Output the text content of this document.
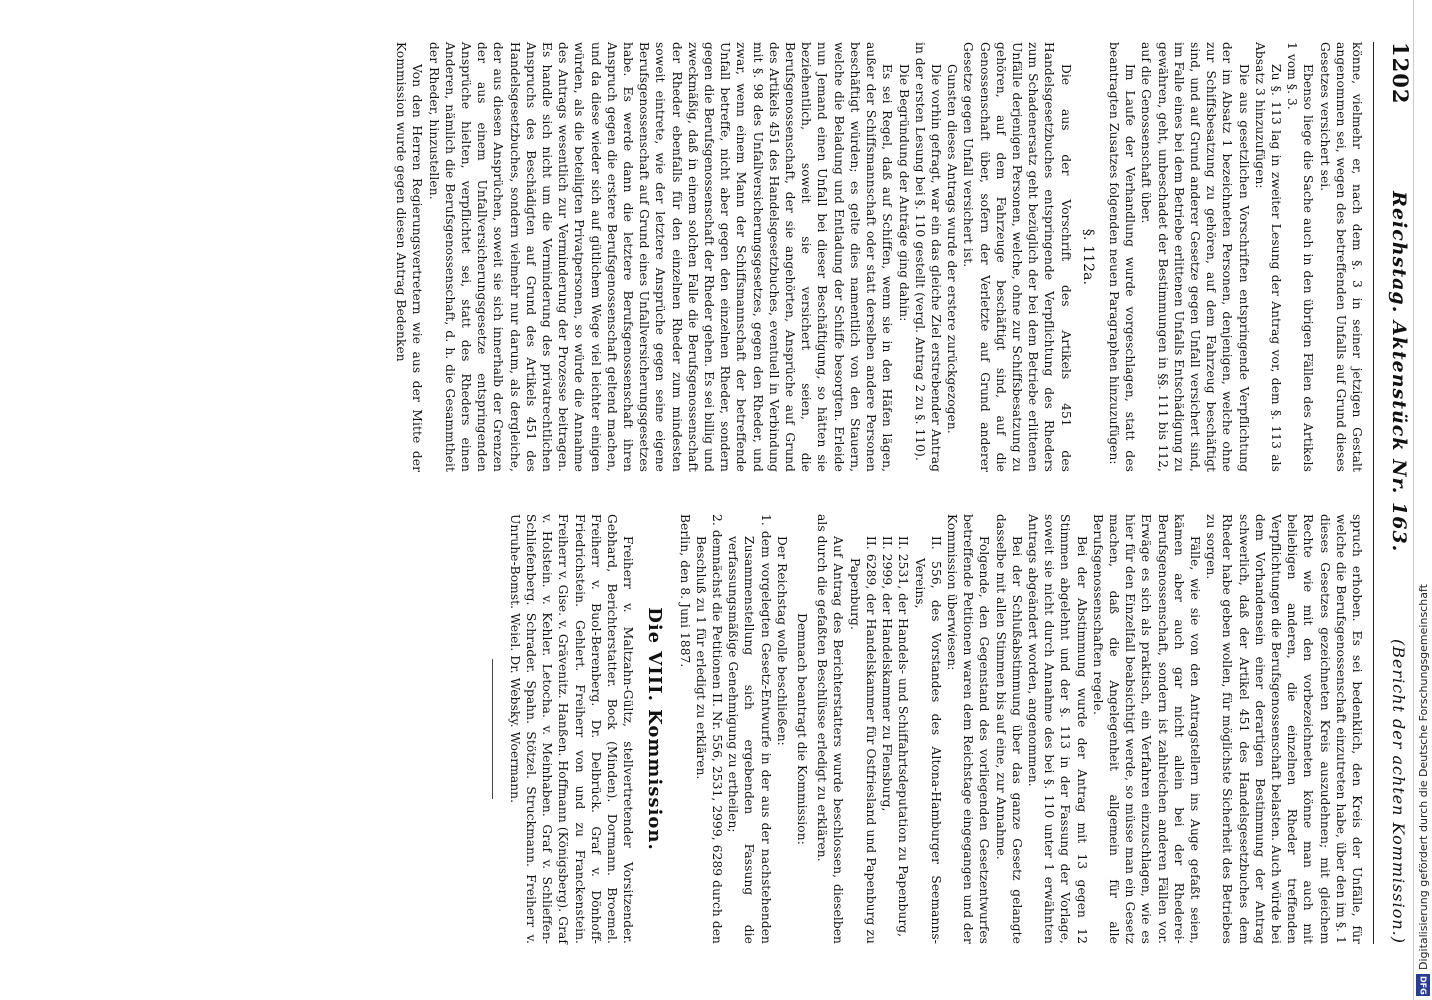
1202
Reichstag. Aktenstück Nr. 163.
(Bericht der achten Kommission.)

könne, vielmehr er, nach dem §. 3 in seiner jetzigen Gestalt angenommen sei, wegen des betreffenden Unfalls auf Grund dieses Gesetzes versichert sei.

Ebenso liege die Sache auch in den übrigen Fällen des Artikels 1 vom §. 3.

Zu §. 113 lag in zweiter Lesung der Antrag vor, dem §. 113 als Absatz 3 hinzuzufügen:

Die aus gesetzlichen Vorschriften entspringende Verpflichtung der im Absatz 1 bezeichneten Personen, denjenigen, welche ohne zur Schiffsbesatzung zu gehören, auf dem Fahrzeug beschäftigt sind, und auf Grund anderer Gesetze gegen Unfall versichert sind, im Falle eines bei dem Betriebe erlittenen Unfalls Entschädigung zu gewähren, geht, unbeschadet der Bestimmungen in §§. 111 bis 112, auf die Genossenschaft über.

Im Laufe der Verhandlung wurde vorgeschlagen, statt des beantragten Zusatzes folgenden neuen Paragraphen hinzuzufügen:

§. 112a.

Die aus der Vorschrift des Artikels 451 des Handelsgesetzbuches entspringende Verpflichtung des Rheders zum Schadenersatz geht bezüglich der bei dem Betriebe erlittenen Unfälle derjenigen Personen, welche, ohne zur Schiffsbesatzung zu gehören, auf dem Fahrzeuge beschäftigt sind, auf die Genossenschaft über, sofern der Verletzte auf Grund anderer Gesetze gegen Unfall versichert ist.

Gunsten dieses Antrags wurde der erstere zurückgezogen.

Die vorhin gefragt, war ein das gleiche Ziel erstrebender Antrag in der ersten Lesung bei §. 110 gestellt (vergl. Antrag 2 zu §. 110).

Die Begründung der Anträge ging dahin:

Es sei Regel, daß auf Schiffen, wenn sie in den Häfen lägen, außer der Schiffsmannschaft oder statt derselben andere Personen beschäftigt würden; es gelte dies namentlich von den Stauern, welche die Beladung und Entladung der Schiffe besorgten. Erleide nun Jemand einen Unfall bei dieser Beschäftigung, so hätten sie beziehentlich, soweit sie versichert seien, die Berufsgenossenschaft, der sie angehörten, Ansprüche auf Grund des Artikels 451 des Handelsgesetzbuches, eventuell in Verbindung mit §. 98 des Unfallversicherungsgesetzes, gegen den Rheder, und zwar, wenn einem Mann der Schiffsmannschaft der betreffende Unfall betreffe, nicht aber gegen den einzelnen Rheder, sondern gegen die Berufsgenossenschaft der Rheder gehen. Es sei billig und zweckmäßig, daß in einem solchen Falle die Berufsgenossenschaft der Rheder ebenfalls für den einzelnen Rheder zum mindesten soweit eintrete, wie der letztere Ansprüche gegen seine eigene Berufsgenossenschaft auf Grund eines Unfallversicherungsgesetzes habe. Es werde dann die letztere Berufsgenossenschaft ihren Anspruch gegen die erstere Berufsgenossenschaft geltend machen, und da diese wieder sich auf gütlichem Wege viel leichter einigen würden, als die beteiligten Privatpersonen, so würde die Annahme des Antrags wesentlich zur Verminderung der Prozesse beitragen. Es handle sich nicht um die Verminderung des privatrechtlichen Anspruchs des Beschädigten auf Grund des Artikels 451 des Handelsgesetzbuches, sondern vielmehr nur darum, als dergleiche, der aus diesen Ansprüchen, soweit sie sich innerhalb der Grenzen der aus einem Unfallversicherungsgesetze entspringenden Ansprüche hielten, verpflichtet sei, statt des Rheders einen Anderen, nämlich die Berufsgenossenschaft, d. h. die Gesammtheit der Rheder, hinzustellen.

Von den Herren Regierungsvertretern wie aus der Mitte der Kommission wurde gegen diesen Antrag Bedenken

spruch erhoben. Es sei bedenklich, den Kreis der Unfälle, für welche die Berufsgenossenschaft einzutreten habe, über den im §. 1 dieses Gesetzes gezeichneten Kreis auszudehnen; mit gleichem Rechte wie mit den vorbezeichneten könne man auch mit beliebigen anderen, die einzelnen Rheder treffenden Verpflichtungen die Berufsgenossenschaft belasten. Auch würde bei dem Vorhandensein einer derartigen Bestimmung der Antrag schwerlich, daß der Artikel 451 des Handelsgesetzbuches dem Rheder habe geben wollen, für möglichste Sicherheit des Betriebes zu sorgen.

Fälle, wie sie von den Antragstellern ins Auge gefaßt seien, kämen aber auch gar nicht allein bei der Rhederei-Berufsgenossenschaft, sondern ist zahlreichen anderen Fällen vor. Erwäge es sich als praktisch, ein Verfahren einzuschlagen, wie es hier für den Einzelfall beabsichtigt werde, so müsse man ein Gesetz machen, daß die Angelegenheit allgemein für alle Berufsgenossenschaften regele.

Bei der Abstimmung wurde der Antrag mit 13 gegen 12 Stimmen abgelehnt und der §. 113 in der Fassung der Vorlage, soweit sie nicht durch Annahme des bei §. 110 unter 1 erwähnten Antrags abgeändert worden, angenommen.

Bei der Schlußabstimmung über das ganze Gesetz gelangte dasselbe mit allen Stimmen bis auf eine, zur Annahme.

Folgende, den Gegenstand des vorliegenden Gesetzentwurfes betreffende Petitionen waren dem Reichstage eingegangen und der Kommission überwiesen:

II. 556, des Vorstandes des Altona-Hamburger Seemanns-Vereins,

II. 2531, der Handels- und Schiffahrtsdeputation zu Papenburg,

II. 2999, der Handelskammer zu Flensburg,

II. 6289, der Handelskammer für Ostfriesland und Papenburg zu Papenburg.

Auf Antrag des Berichterstatters wurde beschlossen, dieselben als durch die gefaßten Beschlüsse erledigt zu erklären.

Demnach beantragt die Kommission:

Der Reichstag wolle beschließen:

1. dem vorgelegten Gesetz-Entwurfe in der aus der nachstehenden Zusammenstellung sich ergebenden Fassung die verfassungsmäßige Genehmigung zu ertheilen;

2. demnächst die Petitionen II. Nr. 556, 2531, 2999, 6289 durch den Beschluß zu 1 für erledigt zu erklären.

Berlin, den 8. Juni 1887.

Die VIII. Kommission.

Freiherr v. Maltzahn-Gültz, stellvertretender Vorsitzender. Gebhard, Berichterstatter. Bock (Minden). Dormann. Broemel. Freiherr v. Buol-Berenberg. Dr. Delbrück. Graf v. Dönhoff-Friedrichstein. Gehlert. Freiherr von und zu Franckenstein. Freiherr v. Gise. v. Grävenitz. Hanßen. Hoffmann (Königsberg). Graf v. Holstein. v. Kehler. Letocha. v. Meinhaben. Graf v. Schlieffen-Schliefenberg. Schrader. Spahn. Stötzel. Struckmann. Freiherr v. Unruhe-Bomst. Weiel. Dr. Websky. Woermann.	Digitalisierung gefördert durch die Deutsche Forschungsgemeinschaft
DFG
